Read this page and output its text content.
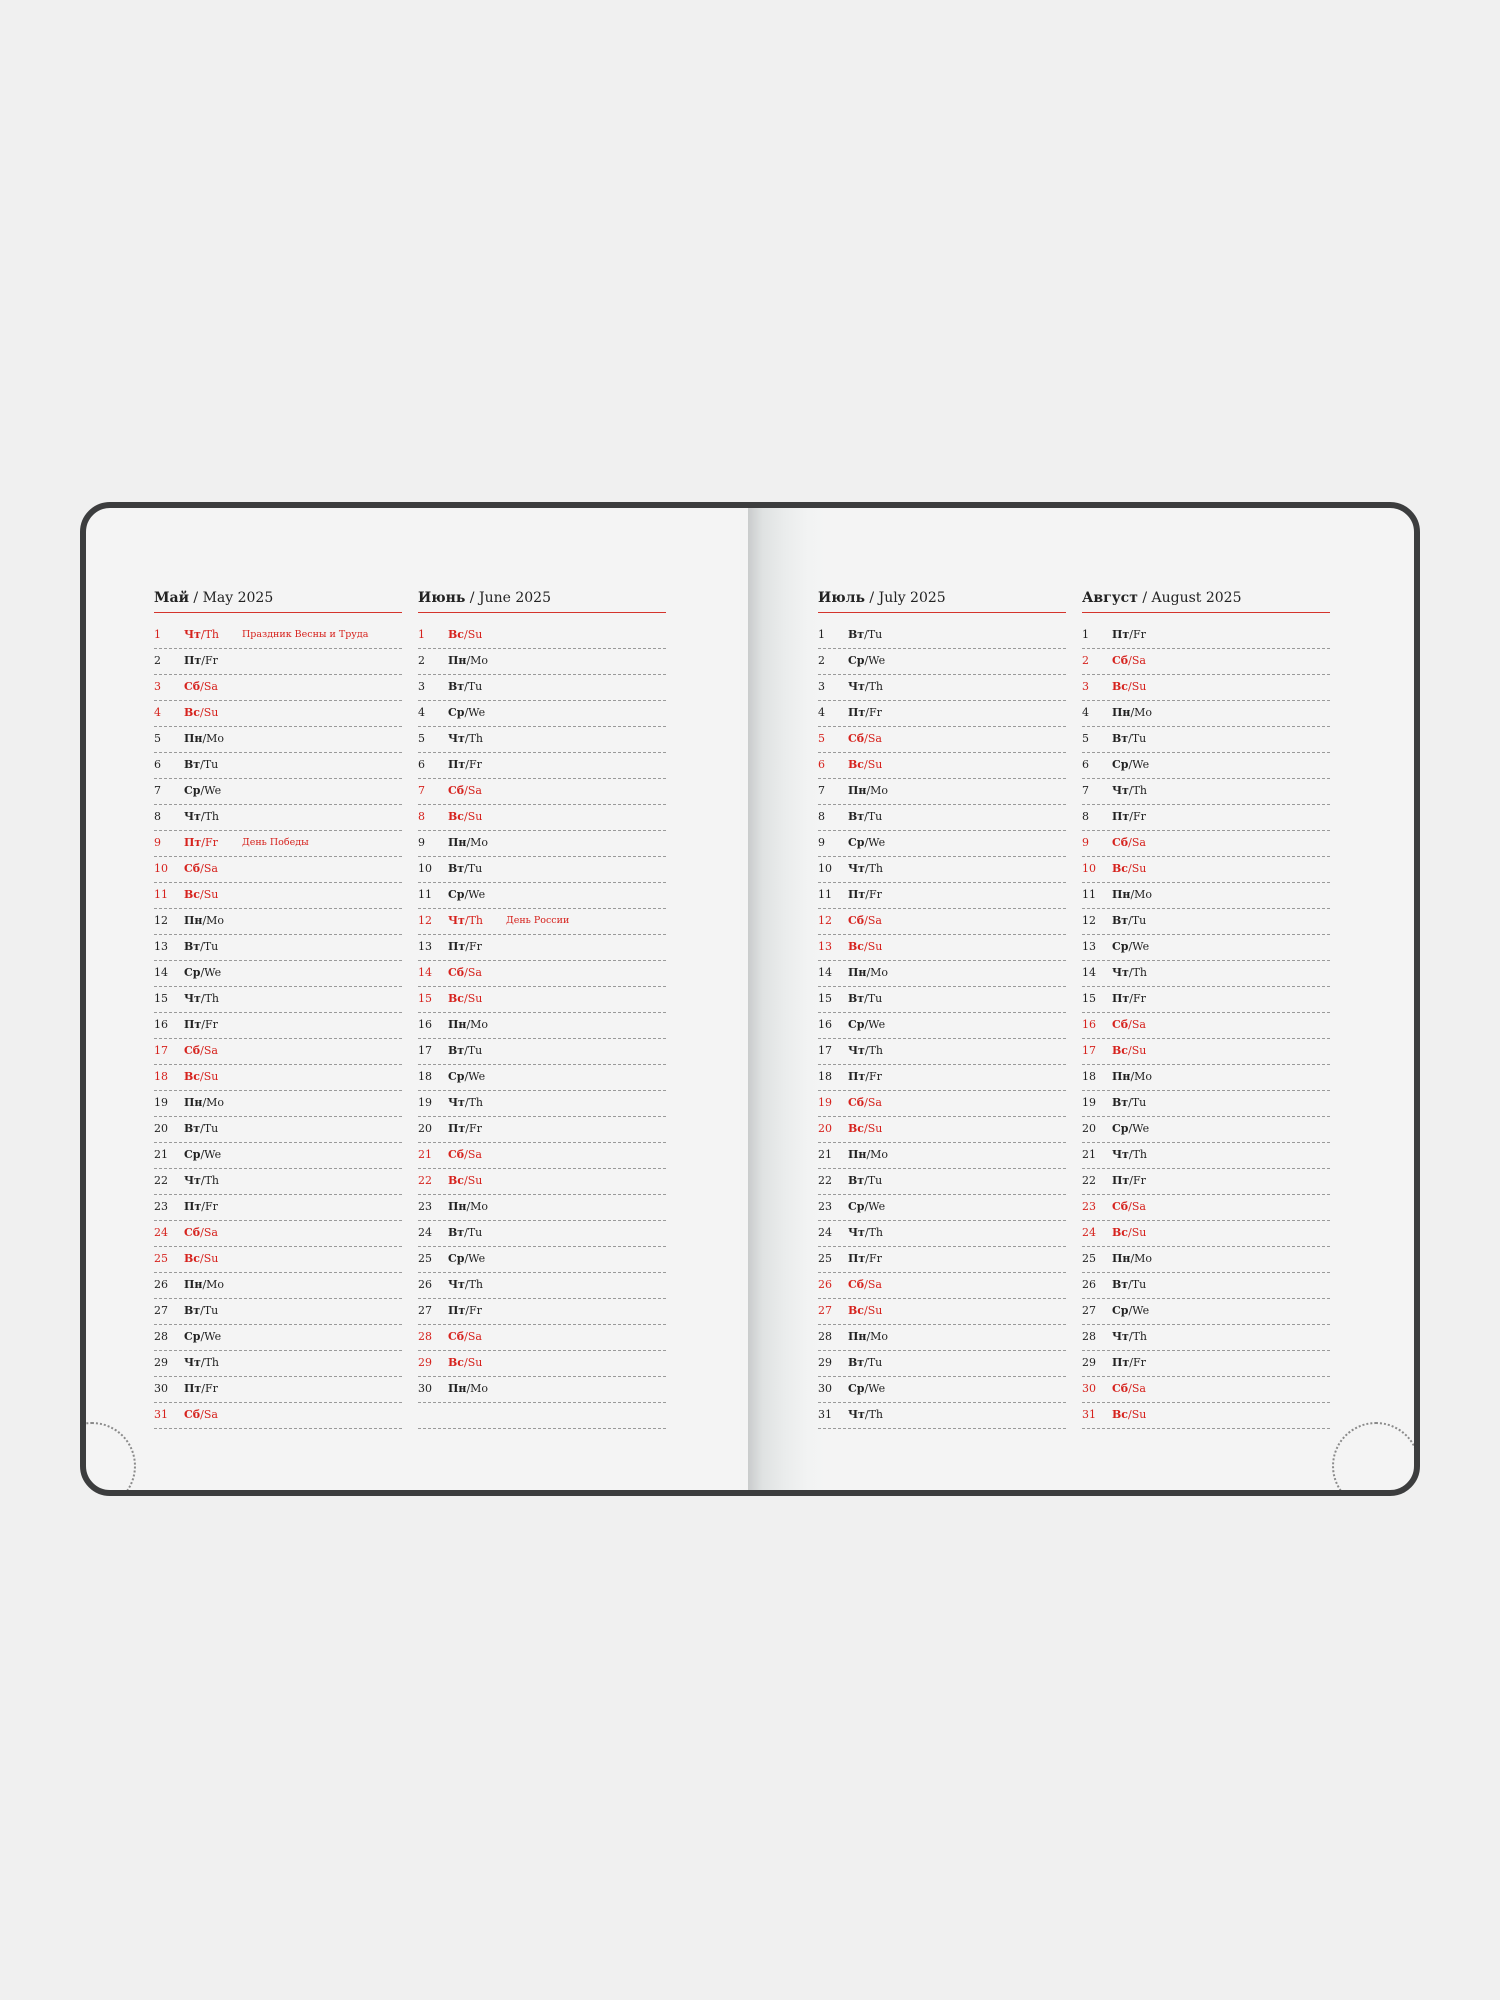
Май / May 2025
1 Чт/Th Праздник Весны и Труда
2 Пт/Fr
3 Сб/Sa
4 Вс/Su
5 Пн/Mo
6 Вт/Tu
7 Ср/We
8 Чт/Th
9 Пт/Fr	День Победы
10 Сб/Sa
11 Вс/Su
12 Пн/Mo
13 Вт/Tu
14 Ср/We
15 Чт/Th
16 Пт/Fr
17 Сб/Sa
18 Вс/Su
19 Пн/Mo
20 Вт/Tu
21 Ср/We
22 Чт/Th
23 Пт/Fr
24 Сб/Sa
25 Вс/Su
26 Пн/Mo
27 Вт/Tu
28 Ср/We
29 Чт/Th
30 Пт/Fr
31 Сб/Sa
Июнь / June 2025
1 Вс/Su
2 Пн/Mo
3 Вт/Tu
4 Ср/We
5 Чт/Th
6 Пт/Fr
7 Сб/Sa
8 Вс/Su
9 Пн/Mo
10 Вт/Tu
11 Ср/We
12 Чт/Th День России
13 Пт/Fr
14 Сб/Sa
15 Вс/Su
16 Пн/Mo
17 Вт/Tu
18 Ср/We
19 Чт/Th
20 Пт/Fr
21 Сб/Sa
22 Вс/Su
23 Пн/Mo
24 Вт/Tu
25 Ср/We
26 Чт/Th
27 Пт/Fr
28 Сб/Sa
29 Вс/Su
30 Пн/Mo
Июль / July 2025
1 Вт/Tu
2 Ср/We
3 Чт/Th
4 Пт/Fr
5 Сб/Sa
6 Вс/Su
7 Пн/Mo
8 Вт/Tu
9 Ср/We
10 Чт/Th
11 Пт/Fr
12 Сб/Sa
13 Вс/Su
14 Пн/Mo
15 Вт/Tu
16 Ср/We
17 Чт/Th
18 Пт/Fr
19 Сб/Sa
20 Вс/Su
21 Пн/Mo
22 Вт/Tu
23 Ср/We
24 Чт/Th
25 Пт/Fr
26 Сб/Sa
27 Вс/Su
28 Пн/Mo
29 Вт/Tu
30 Ср/We
31 Чт/Th
Август / August 2025
1 Пт/Fr
2 Сб/Sa
3 Вс/Su
4 Пн/Mo
5 Вт/Tu
6 Ср/We
7 Чт/Th
8 Пт/Fr
9 Сб/Sa
10 Вс/Su
11 Пн/Mo
12 Вт/Tu
13 Ср/We
14 Чт/Th
15 Пт/Fr
16 Сб/Sa
17 Вс/Su
18 Пн/Mo
19 Вт/Tu
20 Ср/We
21 Чт/Th
22 Пт/Fr
23 Сб/Sa
24 Вс/Su
25 Пн/Mo
26 Вт/Tu
27 Ср/We
28 Чт/Th
29 Пт/Fr
30 Сб/Sa
31 Вс/Su
